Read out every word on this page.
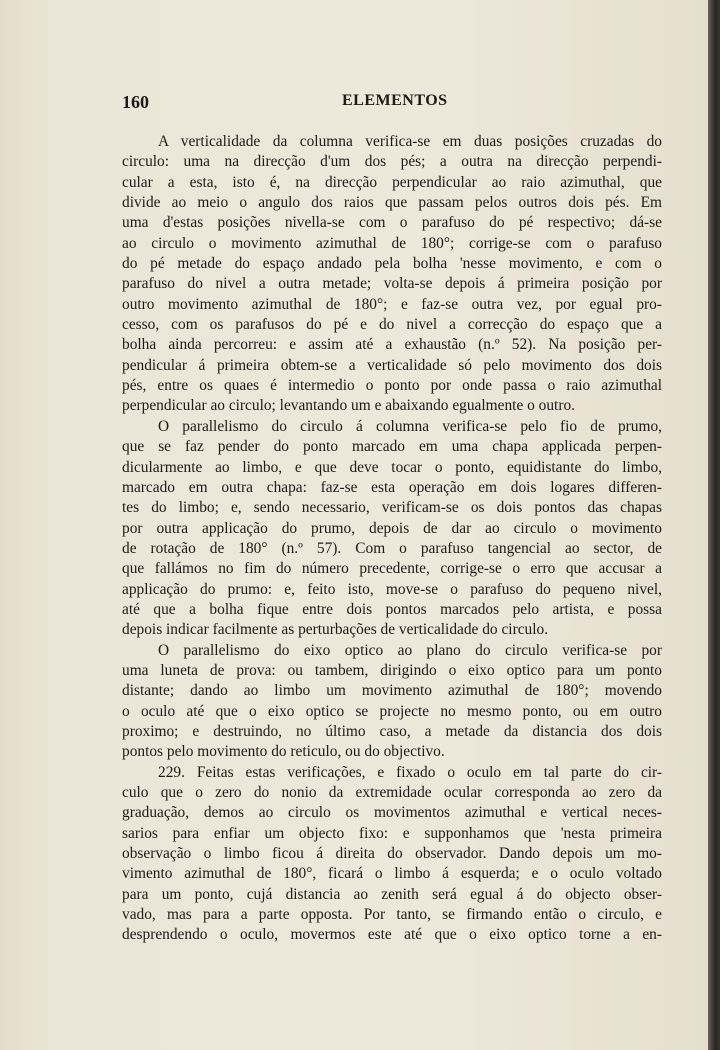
160	ELEMENTOS
A verticalidade da columna verifica-se em duas posições cruzadas do
circulo: uma na direcção d'um dos pés; a outra na direcção perpendi-
cular a esta, isto é, na direcção perpendicular ao raio azimuthal, que
divide ao meio o angulo dos raios que passam pelos outros dois pés. Em
uma d'estas posições nivella-se com o parafuso do pé respectivo; dá-se
ao circulo o movimento azimuthal de 180°; corrige-se com o parafuso
do pé metade do espaço andado pela bolha 'nesse movimento, e com o
parafuso do nivel a outra metade; volta-se depois á primeira posição por
outro movimento azimuthal de 180°; e faz-se outra vez, por egual pro-
cesso, com os parafusos do pé e do nivel a correcção do espaço que a
bolha ainda percorreu: e assim até a exhaustão (n.º 52). Na posição per-
pendicular á primeira obtem-se a verticalidade só pelo movimento dos dois
pés, entre os quaes é intermedio o ponto por onde passa o raio azimuthal
perpendicular ao circulo; levantando um e abaixando egualmente o outro.
O parallelismo do circulo á columna verifica-se pelo fio de prumo,
que se faz pender do ponto marcado em uma chapa applicada perpen-
dicularmente ao limbo, e que deve tocar o ponto, equidistante do limbo,
marcado em outra chapa: faz-se esta operação em dois logares differen-
tes do limbo; e, sendo necessario, verificam-se os dois pontos das chapas
por outra applicação do prumo, depois de dar ao circulo o movimento
de rotação de 180° (n.º 57). Com o parafuso tangencial ao sector, de
que fallámos no fim do número precedente, corrige-se o erro que accusar a
applicação do prumo: e, feito isto, move-se o parafuso do pequeno nivel,
até que a bolha fique entre dois pontos marcados pelo artista, e possa
depois indicar facilmente as perturbações de verticalidade do circulo.
O parallelismo do eixo optico ao plano do circulo verifica-se por
uma luneta de prova: ou tambem, dirigindo o eixo optico para um ponto
distante; dando ao limbo um movimento azimuthal de 180°; movendo
o oculo até que o eixo optico se projecte no mesmo ponto, ou em outro
proximo; e destruindo, no último caso, a metade da distancia dos dois
pontos pelo movimento do reticulo, ou do objectivo.
229. Feitas estas verificações, e fixado o oculo em tal parte do cir-
culo que o zero do nonio da extremidade ocular corresponda ao zero da
graduação, demos ao circulo os movimentos azimuthal e vertical neces-
sarios para enfiar um objecto fixo: e supponhamos que 'nesta primeira
observação o limbo ficou á direita do observador. Dando depois um mo-
vimento azimuthal de 180°, ficará o limbo á esquerda; e o oculo voltado
para um ponto, cujá distancia ao zenith será egual á do objecto obser-
vado, mas para a parte opposta. Por tanto, se firmando então o circulo, e
desprendendo o oculo, movermos este até que o eixo optico torne a en-
